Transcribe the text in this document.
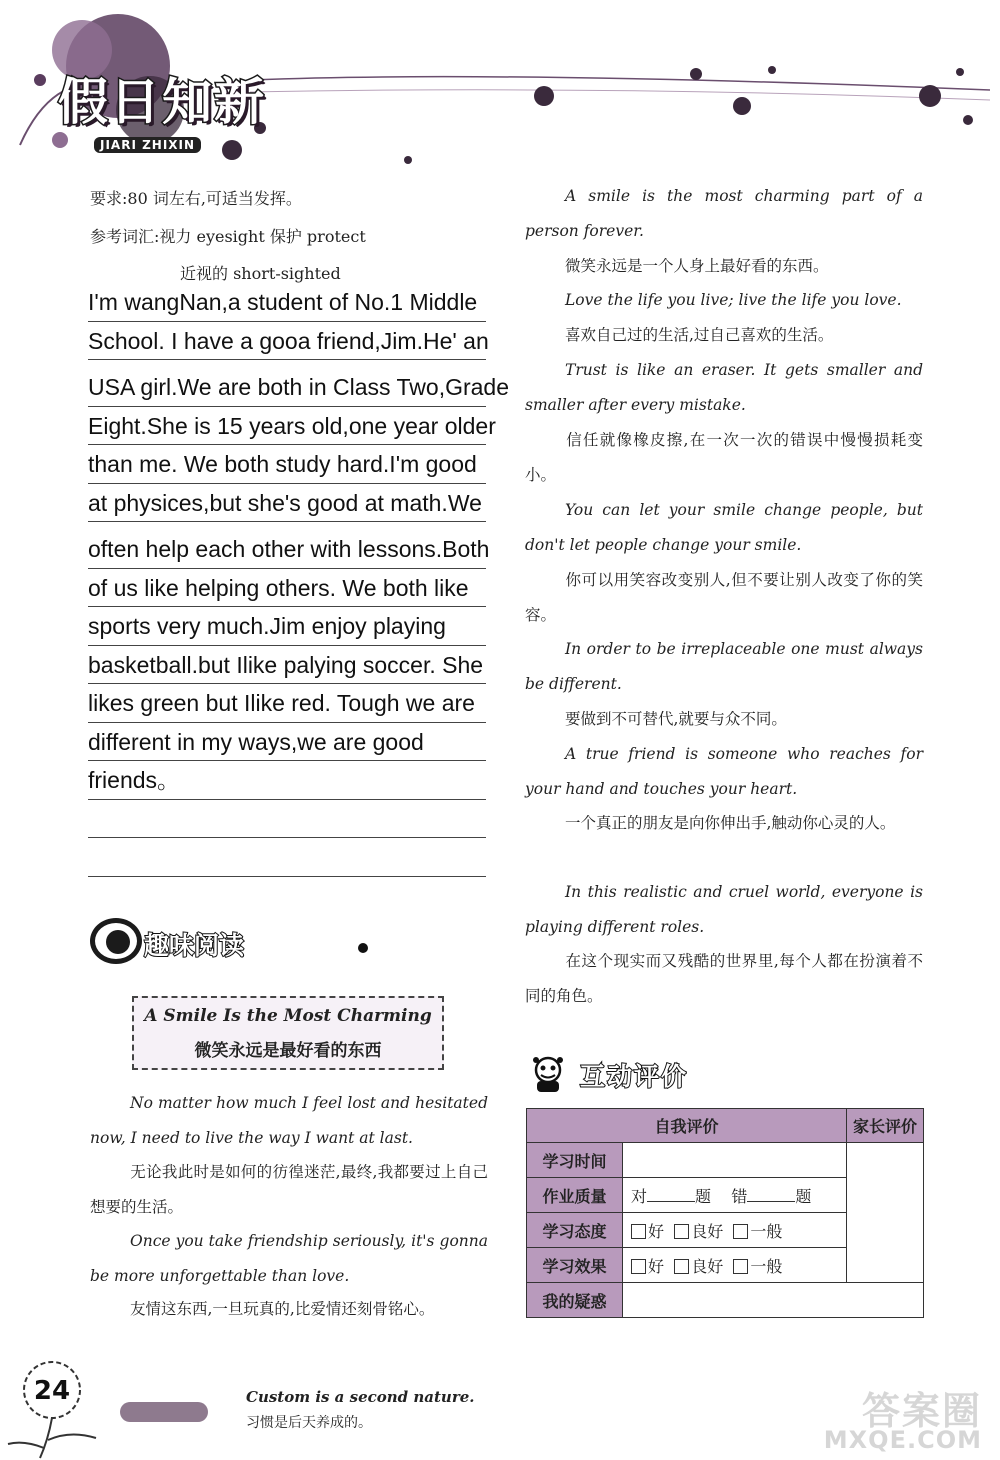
假日知新
JIARI ZHIXIN
要求:80 词左右,可适当发挥。
参考词汇:视力 eyesight 保护 protect
近视的 short-sighted
I'm wangNan,a student of No.1 Middle
School. I have a gooa friend,Jim.He' an
USA girl.We are both in Class Two,Grade
Eight.She is 15 years old,one year older
than me. We both study hard.I'm good
at physices,but she's good at math.We
often help each other with lessons.Both
of us like helping others. We both like
sports very much.Jim enjoy playing
basketball.but Ilike palying soccer. She
likes green but Ilike red. Tough we are
different in my ways,we are good
friends。
趣味阅读
A Smile Is the Most Charming
微笑永远是最好看的东西
No matter how much I feel lost and hesitated now, I need to live the way I want at last.
无论我此时是如何的彷徨迷茫,最终,我都要过上自己想要的生活。
Once you take friendship seriously, it's gonna be more unforgettable than love.
友情这东西,一旦玩真的,比爱情还刻骨铭心。
A smile is the most charming part of a person forever.
微笑永远是一个人身上最好看的东西。
Love the life you live; live the life you love.
喜欢自己过的生活,过自己喜欢的生活。
Trust is like an eraser. It gets smaller and smaller after every mistake.
信任就像橡皮擦,在一次一次的错误中慢慢损耗变小。
You can let your smile change people, but don't let people change your smile.
你可以用笑容改变别人,但不要让别人改变了你的笑容。
In order to be irreplaceable one must always be different.
要做到不可替代,就要与众不同。
A true friend is someone who reaches for your hand and touches your heart.
一个真正的朋友是向你伸出手,触动你心灵的人。
In this realistic and cruel world, everyone is playing different roles.
在这个现实而又残酷的世界里,每个人都在扮演着不同的角色。
互动评价
自我评价		家长评价
学习时间		
作业质量	对 题 错 题	
学习态度	好 良好 一般	
学习效果	好 良好 一般	
我的疑惑		
24	Custom is a second nature.
习惯是后天养成的。	答案圈
MXQE.COM
